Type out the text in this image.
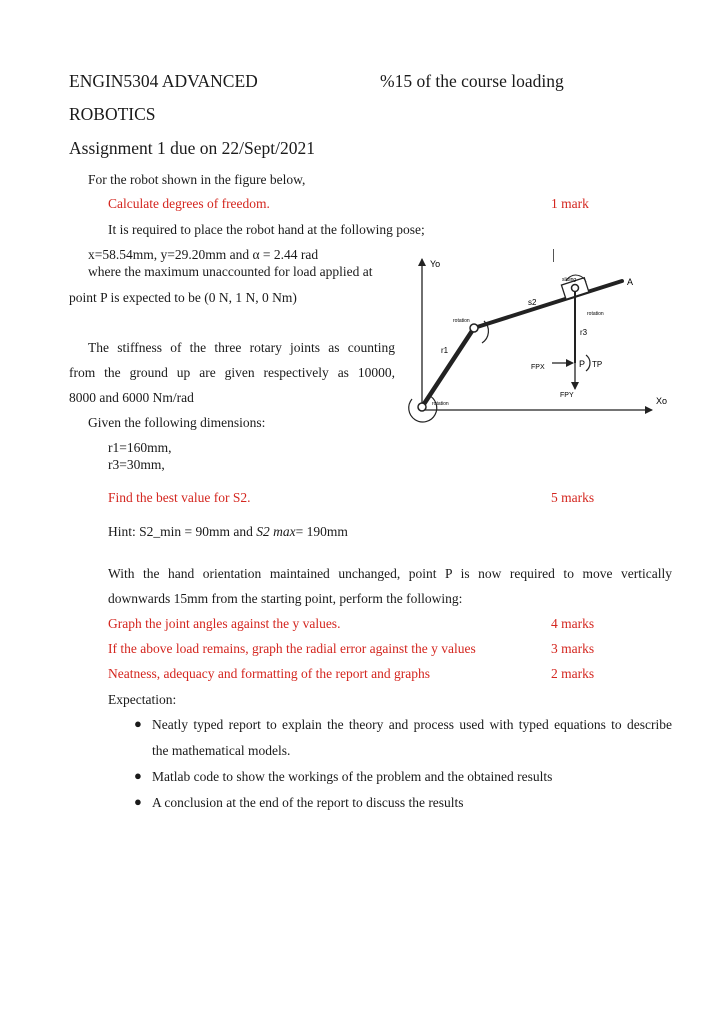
ENGIN5304 ADVANCED	%15 of the course loading
ROBOTICS
Assignment 1 due on 22/Sept/2021
For the robot shown in the figure below,
Calculate degrees of freedom.	1 mark
It is required to place the robot hand at the following pose;
x=58.54mm, y=29.20mm and α = 2.44 rad
where the maximum unaccounted for load applied at
point P is expected to be (0 N, 1 N, 0 Nm)
The stiffness of the three rotary joints as counting
from the ground up are given respectively as 10000,
8000 and 6000 Nm/rad
Given the following dimensions:
r1=160mm,
r3=30mm,
Yo
Xo
A
s2
r1
r3
P TP
FPX
FPY
rotation
rotation
rotation
sliding
Find the best value for S2.	5 marks
Hint: S2_min = 90mm and S2 max= 190mm
With the hand orientation maintained unchanged, point P is now required to move vertically
downwards 15mm from the starting point, perform the following:
Graph the joint angles against the y values.	4 marks
If the above load remains, graph the radial error against the y values	3 marks
Neatness, adequacy and formatting of the report and graphs	2 marks
Expectation:
● Neatly typed report to explain the theory and process used with typed equations to describe
the mathematical models.
● Matlab code to show the workings of the problem and the obtained results
● A conclusion at the end of the report to discuss the results
